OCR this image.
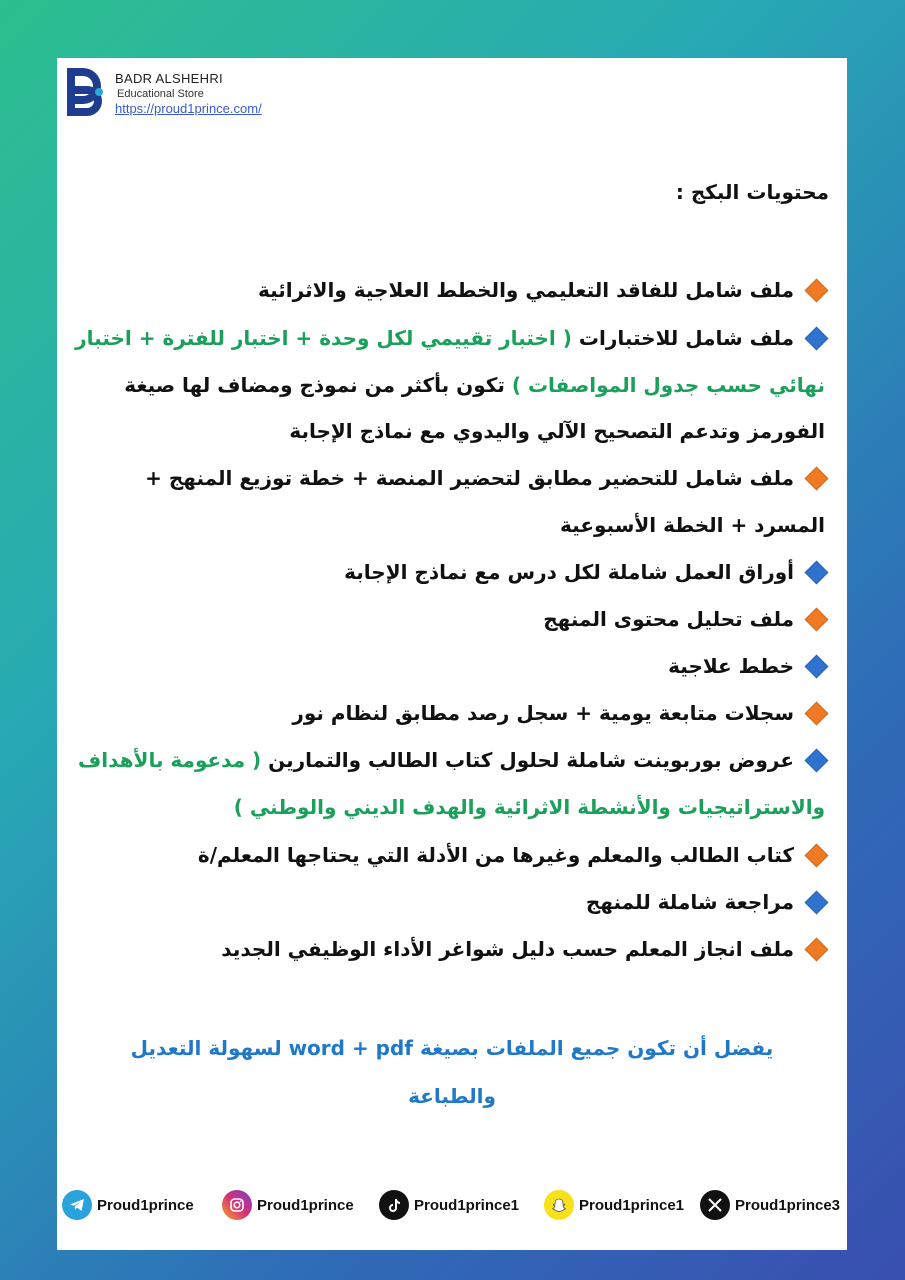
BADR ALSHEHRI
Educational Store
https://proud1prince.com/
محتويات البكج :
ملف شامل للفاقد التعليمي والخطط العلاجية والاثرائية
ملف شامل للاختبارات ( اختبار تقييمي لكل وحدة + اختبار للفترة + اختبار
نهائي حسب جدول المواصفات ) تكون بأكثر من نموذج ومضاف لها صيغة
الفورمز وتدعم التصحيح الآلي واليدوي مع نماذج الإجابة
ملف شامل للتحضير مطابق لتحضير المنصة + خطة توزيع المنهج +
المسرد + الخطة الأسبوعية
أوراق العمل شاملة لكل درس مع نماذج الإجابة
ملف تحليل محتوى المنهج
خطط علاجية
سجلات متابعة يومية + سجل رصد مطابق لنظام نور
عروض بوربوينت شاملة لحلول كتاب الطالب والتمارين ( مدعومة بالأهداف
والاستراتيجيات والأنشطة الاثرائية والهدف الديني والوطني )
كتاب الطالب والمعلم وغيرها من الأدلة التي يحتاجها المعلم/ة
مراجعة شاملة للمنهج
ملف انجاز المعلم حسب دليل شواغر الأداء الوظيفي الجديد
يفضل أن تكون جميع الملفات بصيغة word + pdf لسهولة التعديل
والطباعة
Proud1prince	Proud1prince	Proud1prince1	Proud1prince1	Proud1prince3
